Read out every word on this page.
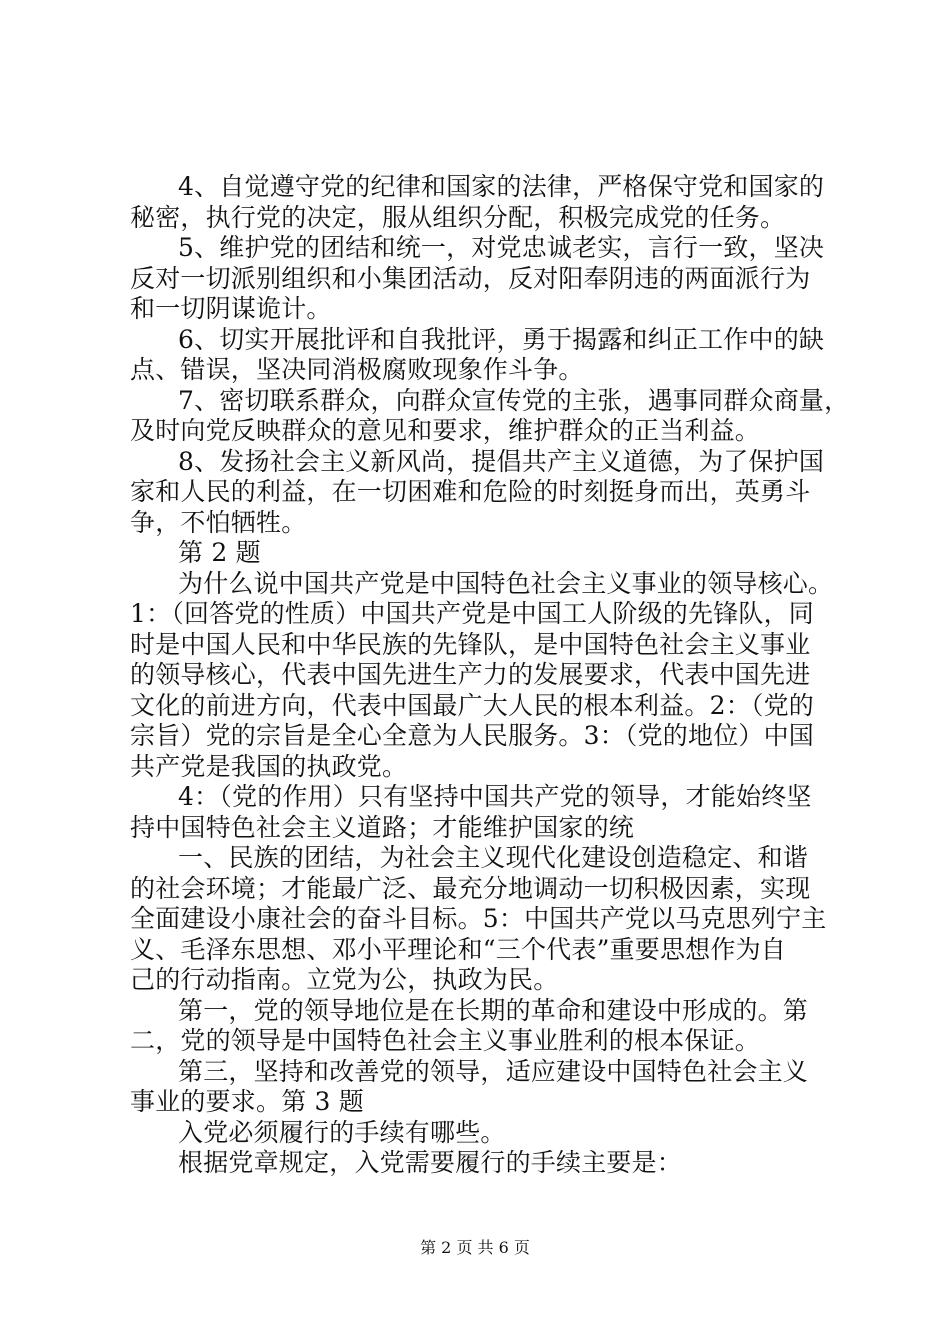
4、自觉遵守党的纪律和国家的法律，严格保守党和国家的
秘密，执行党的决定，服从组织分配，积极完成党的任务。
5、维护党的团结和统一，对党忠诚老实，言行一致，坚决
反对一切派别组织和小集团活动，反对阳奉阴违的两面派行为
和一切阴谋诡计。
6、切实开展批评和自我批评，勇于揭露和纠正工作中的缺
点、错误，坚决同消极腐败现象作斗争。
7、密切联系群众，向群众宣传党的主张，遇事同群众商量，
及时向党反映群众的意见和要求，维护群众的正当利益。
8、发扬社会主义新风尚，提倡共产主义道德，为了保护国
家和人民的利益，在一切困难和危险的时刻挺身而出，英勇斗
争，不怕牺牲。
第 2 题
为什么说中国共产党是中国特色社会主义事业的领导核心。
1：（回答党的性质）中国共产党是中国工人阶级的先锋队，同
时是中国人民和中华民族的先锋队，是中国特色社会主义事业
的领导核心，代表中国先进生产力的发展要求，代表中国先进
文化的前进方向，代表中国最广大人民的根本利益。2：（党的
宗旨）党的宗旨是全心全意为人民服务。3：（党的地位）中国
共产党是我国的执政党。
4：（党的作用）只有坚持中国共产党的领导，才能始终坚
持中国特色社会主义道路；才能维护国家的统
一、民族的团结，为社会主义现代化建设创造稳定、和谐
的社会环境；才能最广泛、最充分地调动一切积极因素，实现
全面建设小康社会的奋斗目标。5：中国共产党以马克思列宁主
义、毛泽东思想、邓小平理论和“三个代表”重要思想作为自
己的行动指南。立党为公，执政为民。
第一，党的领导地位是在长期的革命和建设中形成的。第
二，党的领导是中国特色社会主义事业胜利的根本保证。
第三，坚持和改善党的领导，适应建设中国特色社会主义
事业的要求。第 3 题
入党必须履行的手续有哪些。
根据党章规定，入党需要履行的手续主要是：
第 2 页 共 6 页
